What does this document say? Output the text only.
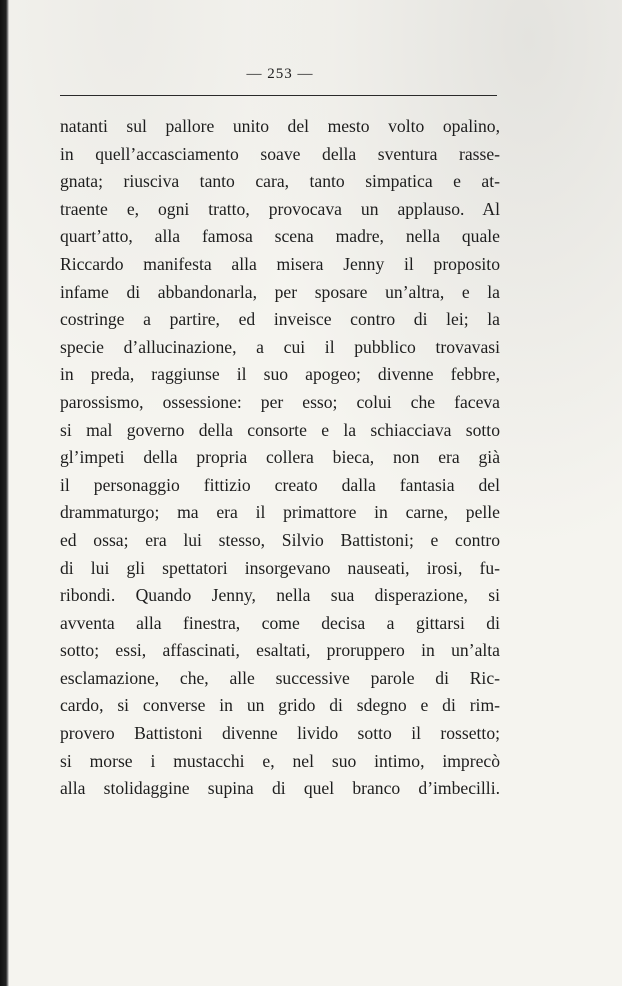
— 253 —
natanti sul pallore unito del mesto volto opalino,
in quell’accasciamento soave della sventura rasse-
gnata; riusciva tanto cara, tanto simpatica e at-
traente e, ogni tratto, provocava un applauso. Al
quart’atto, alla famosa scena madre, nella quale
Riccardo manifesta alla misera Jenny il proposito
infame di abbandonarla, per sposare un’altra, e la
costringe a partire, ed inveisce contro di lei; la
specie d’allucinazione, a cui il pubblico trovavasi
in preda, raggiunse il suo apogeo; divenne febbre,
parossismo, ossessione: per esso; colui che faceva
si mal governo della consorte e la schiacciava sotto
gl’impeti della propria collera bieca, non era già
il personaggio fittizio creato dalla fantasia del
drammaturgo; ma era il primattore in carne, pelle
ed ossa; era lui stesso, Silvio Battistoni; e contro
di lui gli spettatori insorgevano nauseati, irosi, fu-
ribondi. Quando Jenny, nella sua disperazione, si
avventa alla finestra, come decisa a gittarsi di
sotto; essi, affascinati, esaltati, proruppero in un’alta
esclamazione, che, alle successive parole di Ric-
cardo, si converse in un grido di sdegno e di rim-
provero Battistoni divenne livido sotto il rossetto;
si morse i mustacchi e, nel suo intimo, imprecò
alla stolidaggine supina di quel branco d’imbecilli.
